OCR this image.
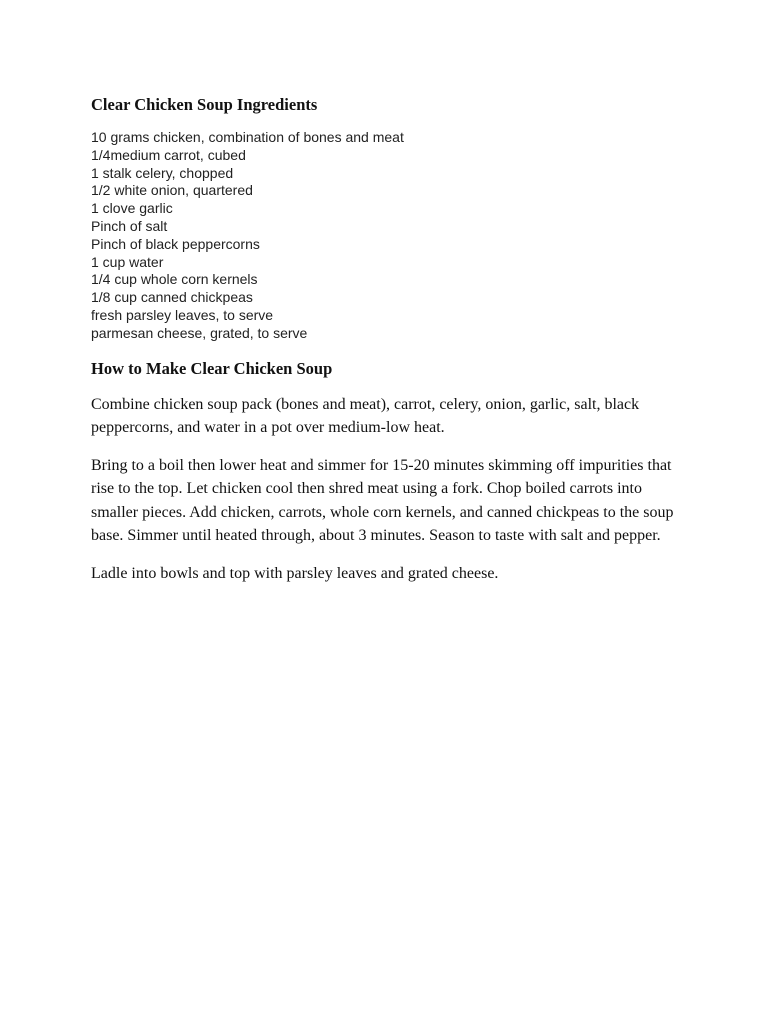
Clear Chicken Soup Ingredients
10 grams chicken, combination of bones and meat
1/4medium carrot, cubed
1 stalk celery, chopped
1/2 white onion, quartered
1 clove garlic
Pinch of salt
Pinch of black peppercorns
1 cup water
1/4 cup whole corn kernels
1/8 cup canned chickpeas
fresh parsley leaves, to serve
parmesan cheese, grated, to serve
How to Make Clear Chicken Soup

Combine chicken soup pack (bones and meat), carrot, celery, onion, garlic, salt, black peppercorns, and water in a pot over medium-low heat.

Bring to a boil then lower heat and simmer for 15-20 minutes skimming off impurities that rise to the top. Let chicken cool then shred meat using a fork. Chop boiled carrots into smaller pieces. Add chicken, carrots, whole corn kernels, and canned chickpeas to the soup base. Simmer until heated through, about 3 minutes. Season to taste with salt and pepper.

Ladle into bowls and top with parsley leaves and grated cheese.
